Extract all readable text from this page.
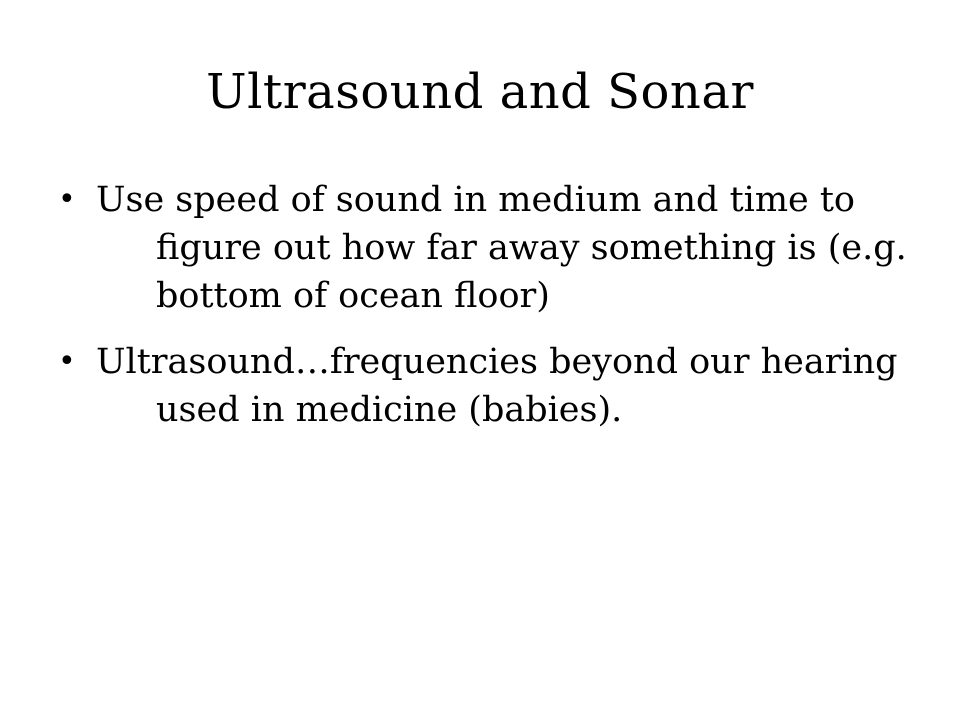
Ultrasound and Sonar
• Use speed of sound in medium and time to figure out how far away something is (e.g. bottom of ocean floor)
• Ultrasound…frequencies beyond our hearing used in medicine (babies).
